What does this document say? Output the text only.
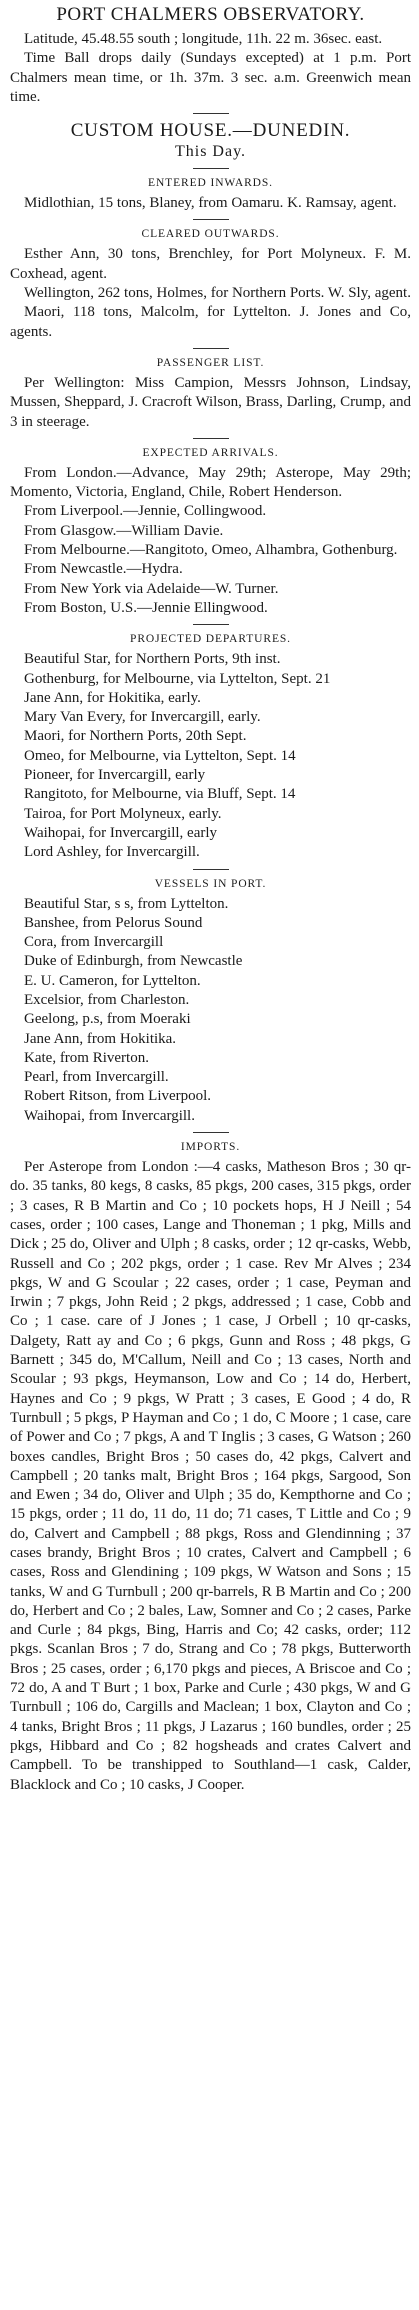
PORT CHALMERS OBSERVATORY.

Latitude, 45.48.55 south ; longitude, 11h. 22 m. 36sec. east.

Time Ball drops daily (Sundays excepted) at 1 p.m. Port Chalmers mean time, or 1h. 37m. 3 sec. a.m. Greenwich mean time.

CUSTOM HOUSE.—DUNEDIN.
This Day.
ENTERED INWARDS.

Midlothian, 15 tons, Blaney, from Oamaru. K. Ramsay, agent.

CLEARED OUTWARDS.

Esther Ann, 30 tons, Brenchley, for Port Molyneux. F. M. Coxhead, agent.

Wellington, 262 tons, Holmes, for Northern Ports. W. Sly, agent.

Maori, 118 tons, Malcolm, for Lyttelton. J. Jones and Co, agents.

PASSENGER LIST.

Per Wellington: Miss Campion, Messrs Johnson, Lindsay, Mussen, Sheppard, J. Cracroft Wilson, Brass, Darling, Crump, and 3 in steerage.

EXPECTED ARRIVALS.

From London.—Advance, May 29th; Asterope, May 29th; Momento, Victoria, England, Chile, Robert Henderson.

From Liverpool.—Jennie, Collingwood.

From Glasgow.—William Davie.

From Melbourne.—Rangitoto, Omeo, Alhambra, Gothenburg.

From Newcastle.—Hydra.

From New York via Adelaide—W. Turner.

From Boston, U.S.—Jennie Ellingwood.

PROJECTED DEPARTURES.

Beautiful Star, for Northern Ports, 9th inst.

Gothenburg, for Melbourne, via Lyttelton, Sept. 21

Jane Ann, for Hokitika, early.

Mary Van Every, for Invercargill, early.

Maori, for Northern Ports, 20th Sept.

Omeo, for Melbourne, via Lyttelton, Sept. 14

Pioneer, for Invercargill, early

Rangitoto, for Melbourne, via Bluff, Sept. 14

Tairoa, for Port Molyneux, early.

Waihopai, for Invercargill, early

Lord Ashley, for Invercargill.

VESSELS IN PORT.

Beautiful Star, s s, from Lyttelton.

Banshee, from Pelorus Sound

Cora, from Invercargill

Duke of Edinburgh, from Newcastle

E. U. Cameron, for Lyttelton.

Excelsior, from Charleston.

Geelong, p.s, from Moeraki

Jane Ann, from Hokitika.

Kate, from Riverton.

Pearl, from Invercargill.

Robert Ritson, from Liverpool.

Waihopai, from Invercargill.

IMPORTS.

Per Asterope from London :—4 casks, Matheson Bros ; 30 qr-do. 35 tanks, 80 kegs, 8 casks, 85 pkgs, 200 cases, 315 pkgs, order ; 3 cases, R B Martin and Co ; 10 pockets hops, H J Neill ; 54 cases, order ; 100 cases, Lange and Thoneman ; 1 pkg, Mills and Dick ; 25 do, Oliver and Ulph ; 8 casks, order ; 12 qr-casks, Webb, Russell and Co ; 202 pkgs, order ; 1 case. Rev Mr Alves ; 234 pkgs, W and G Scoular ; 22 cases, order ; 1 case, Peyman and Irwin ; 7 pkgs, John Reid ; 2 pkgs, addressed ; 1 case, Cobb and Co ; 1 case. care of J Jones ; 1 case, J Orbell ; 10 qr-casks, Dalgety, Ratt ay and Co ; 6 pkgs, Gunn and Ross ; 48 pkgs, G Barnett ; 345 do, M'Callum, Neill and Co ; 13 cases, North and Scoular ; 93 pkgs, Heymanson, Low and Co ; 14 do, Herbert, Haynes and Co ; 9 pkgs, W Pratt ; 3 cases, E Good ; 4 do, R Turnbull ; 5 pkgs, P Hayman and Co ; 1 do, C Moore ; 1 case, care of Power and Co ; 7 pkgs, A and T Inglis ; 3 cases, G Watson ; 260 boxes candles, Bright Bros ; 50 cases do, 42 pkgs, Calvert and Campbell ; 20 tanks malt, Bright Bros ; 164 pkgs, Sargood, Son and Ewen ; 34 do, Oliver and Ulph ; 35 do, Kempthorne and Co ; 15 pkgs, order ; 11 do, 11 do, 11 do; 71 cases, T Little and Co ; 9 do, Calvert and Campbell ; 88 pkgs, Ross and Glendinning ; 37 cases brandy, Bright Bros ; 10 crates, Calvert and Campbell ; 6 cases, Ross and Glendining ; 109 pkgs, W Watson and Sons ; 15 tanks, W and G Turnbull ; 200 qr-barrels, R B Martin and Co ; 200 do, Herbert and Co ; 2 bales, Law, Somner and Co ; 2 cases, Parke and Curle ; 84 pkgs, Bing, Harris and Co; 42 casks, order; 112 pkgs. Scanlan Bros ; 7 do, Strang and Co ; 78 pkgs, Butterworth Bros ; 25 cases, order ; 6,170 pkgs and pieces, A Briscoe and Co ; 72 do, A and T Burt ; 1 box, Parke and Curle ; 430 pkgs, W and G Turnbull ; 106 do, Cargills and Maclean; 1 box, Clayton and Co ; 4 tanks, Bright Bros ; 11 pkgs, J Lazarus ; 160 bundles, order ; 25 pkgs, Hibbard and Co ; 82 hogsheads and crates Calvert and Campbell. To be transhipped to Southland—1 cask, Calder, Blacklock and Co ; 10 casks, J Cooper.
